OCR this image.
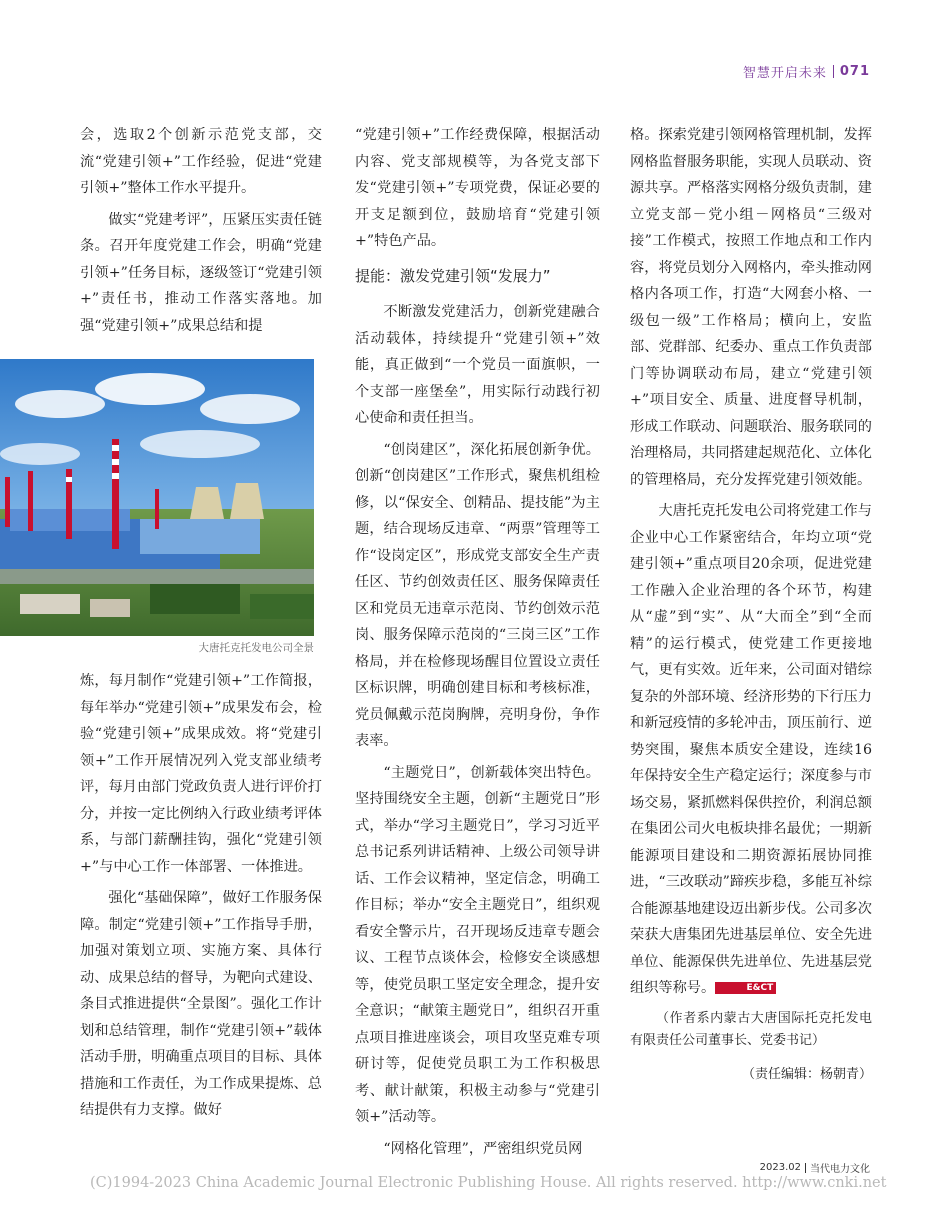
智慧开启未来 071

会，选取2个创新示范党支部，交流“党建引领+”工作经验，促进“党建引领+”整体工作水平提升。

做实“党建考评”，压紧压实责任链条。召开年度党建工作会，明确“党建引领+”任务目标，逐级签订“党建引领+”责任书，推动工作落实落地。加强“党建引领+”成果总结和提

大唐托克托发电公司全景

炼，每月制作“党建引领+”工作简报，每年举办“党建引领+”成果发布会，检验“党建引领+”成果成效。将“党建引领+”工作开展情况列入党支部业绩考评，每月由部门党政负责人进行评价打分，并按一定比例纳入行政业绩考评体系，与部门薪酬挂钩，强化“党建引领+”与中心工作一体部署、一体推进。

强化“基础保障”，做好工作服务保障。制定“党建引领+”工作指导手册，加强对策划立项、实施方案、具体行动、成果总结的督导，为靶向式建设、条目式推进提供“全景图”。强化工作计划和总结管理，制作“党建引领+”载体活动手册，明确重点项目的目标、具体措施和工作责任，为工作成果提炼、总结提供有力支撑。做好

“党建引领+”工作经费保障，根据活动内容、党支部规模等，为各党支部下发“党建引领+”专项党费，保证必要的开支足额到位，鼓励培育“党建引领+”特色产品。

提能：激发党建引领“发展力”

不断激发党建活力，创新党建融合活动载体，持续提升“党建引领+”效能，真正做到“一个党员一面旗帜，一个支部一座堡垒”，用实际行动践行初心使命和责任担当。

“创岗建区”，深化拓展创新争优。创新“创岗建区”工作形式，聚焦机组检修，以“保安全、创精品、提技能”为主题，结合现场反违章、“两票”管理等工作“设岗定区”，形成党支部安全生产责任区、节约创效责任区、服务保障责任区和党员无违章示范岗、节约创效示范岗、服务保障示范岗的“三岗三区”工作格局，并在检修现场醒目位置设立责任区标识牌，明确创建目标和考核标准，党员佩戴示范岗胸牌，亮明身份，争作表率。

“主题党日”，创新载体突出特色。坚持围绕安全主题，创新“主题党日”形式，举办“学习主题党日”，学习习近平总书记系列讲话精神、上级公司领导讲话、工作会议精神，坚定信念，明确工作目标；举办“安全主题党日”，组织观看安全警示片，召开现场反违章专题会议、工程节点谈体会，检修安全谈感想等，使党员职工坚定安全理念，提升安全意识；“献策主题党日”，组织召开重点项目推进座谈会，项目攻坚克难专项研讨等，促使党员职工为工作积极思考、献计献策，积极主动参与“党建引领+”活动等。

“网格化管理”，严密组织党员网

格。探索党建引领网格管理机制，发挥网格监督服务职能，实现人员联动、资源共享。严格落实网格分级负责制，建立党支部－党小组－网格员“三级对接”工作模式，按照工作地点和工作内容，将党员划分入网格内，牵头推动网格内各项工作，打造“大网套小格、一级包一级”工作格局；横向上，安监部、党群部、纪委办、重点工作负责部门等协调联动布局，建立“党建引领+”项目安全、质量、进度督导机制，形成工作联动、问题联治、服务联同的治理格局，共同搭建起规范化、立体化的管理格局，充分发挥党建引领效能。

大唐托克托发电公司将党建工作与企业中心工作紧密结合，年均立项“党建引领+”重点项目20余项，促进党建工作融入企业治理的各个环节，构建从“虚”到“实”、从“大而全”到“全而精”的运行模式，使党建工作更接地气，更有实效。近年来，公司面对错综复杂的外部环境、经济形势的下行压力和新冠疫情的多轮冲击，顶压前行、逆势突围，聚焦本质安全建设，连续16年保持安全生产稳定运行；深度参与市场交易，紧抓燃料保供控价，利润总额在集团公司火电板块排名最优；一期新能源项目建设和二期资源拓展协同推进，“三改联动”蹄疾步稳，多能互补综合能源基地建设迈出新步伐。公司多次荣获大唐集团先进基层单位、安全先进单位、能源保供先进单位、先进基层党组织等称号。	E&CT

（作者系内蒙古大唐国际托克托发电有限责任公司董事长、党委书记）

（责任编辑：杨朝青）

2023.02 当代电力文化
(C)1994-2023 China Academic Journal Electronic Publishing House. All rights reserved. http://www.cnki.net
